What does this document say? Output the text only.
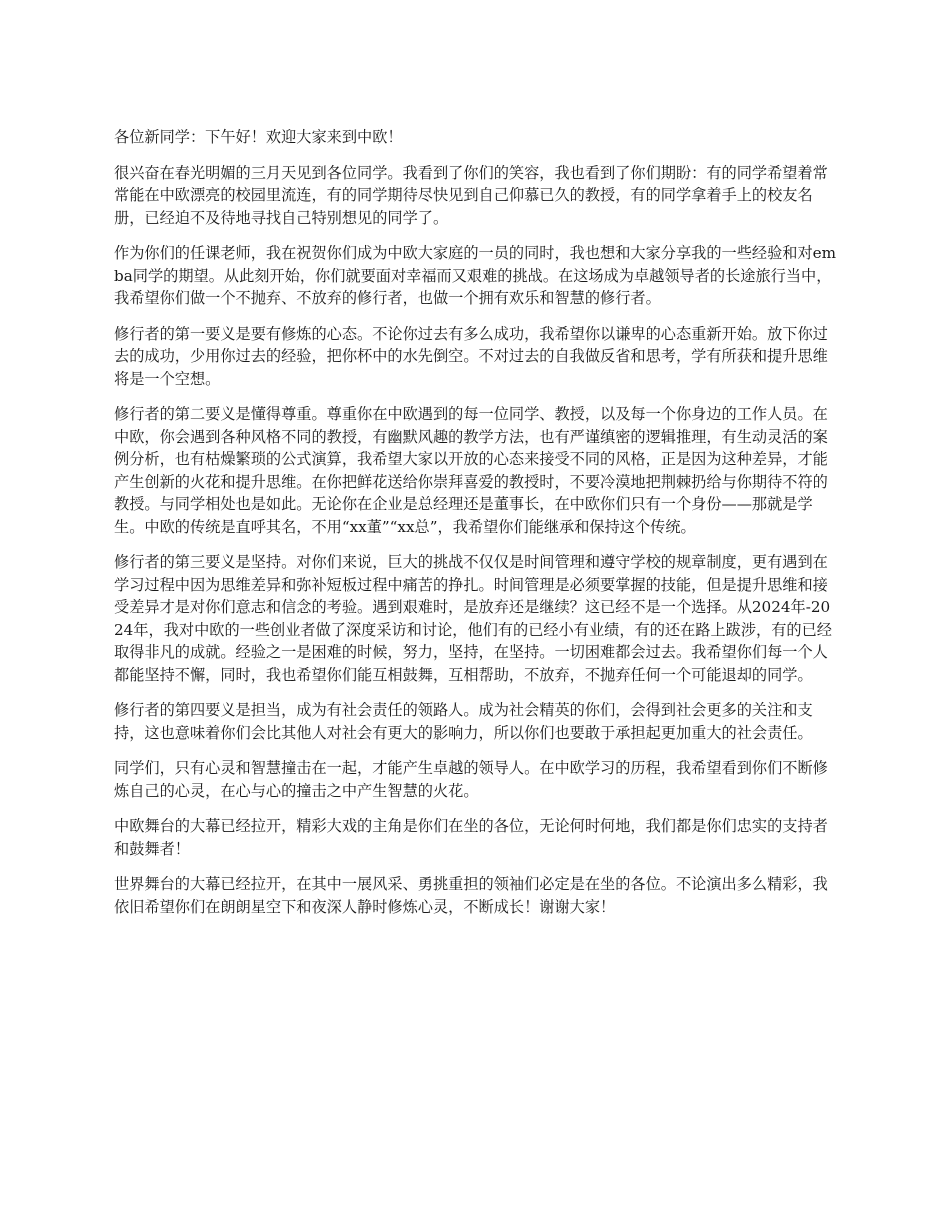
各位新同学：下午好！欢迎大家来到中欧！

很兴奋在春光明媚的三月天见到各位同学。我看到了你们的笑容，我也看到了你们期盼：有的同学希望着常常能在中欧漂亮的校园里流连，有的同学期待尽快见到自己仰慕已久的教授，有的同学拿着手上的校友名册，已经迫不及待地寻找自己特别想见的同学了。

作为你们的任课老师，我在祝贺你们成为中欧大家庭的一员的同时，我也想和大家分享我的一些经验和对emba同学的期望。从此刻开始，你们就要面对幸福而又艰难的挑战。在这场成为卓越领导者的长途旅行当中，我希望你们做一个不抛弃、不放弃的修行者，也做一个拥有欢乐和智慧的修行者。

修行者的第一要义是要有修炼的心态。不论你过去有多么成功，我希望你以谦卑的心态重新开始。放下你过去的成功，少用你过去的经验，把你杯中的水先倒空。不对过去的自我做反省和思考，学有所获和提升思维将是一个空想。

修行者的第二要义是懂得尊重。尊重你在中欧遇到的每一位同学、教授，以及每一个你身边的工作人员。在中欧，你会遇到各种风格不同的教授，有幽默风趣的教学方法，也有严谨缜密的逻辑推理，有生动灵活的案例分析，也有枯燥繁琐的公式演算，我希望大家以开放的心态来接受不同的风格，正是因为这种差异，才能产生创新的火花和提升思维。在你把鲜花送给你崇拜喜爱的教授时，不要冷漠地把荆棘扔给与你期待不符的教授。与同学相处也是如此。无论你在企业是总经理还是董事长，在中欧你们只有一个身份——那就是学生。中欧的传统是直呼其名，不用“xx董”“xx总”，我希望你们能继承和保持这个传统。

修行者的第三要义是坚持。对你们来说，巨大的挑战不仅仅是时间管理和遵守学校的规章制度，更有遇到在学习过程中因为思维差异和弥补短板过程中痛苦的挣扎。时间管理是必须要掌握的技能，但是提升思维和接受差异才是对你们意志和信念的考验。遇到艰难时，是放弃还是继续？这已经不是一个选择。从2024年-2024年，我对中欧的一些创业者做了深度采访和讨论，他们有的已经小有业绩，有的还在路上跋涉，有的已经取得非凡的成就。经验之一是困难的时候，努力，坚持，在坚持。一切困难都会过去。我希望你们每一个人都能坚持不懈，同时，我也希望你们能互相鼓舞，互相帮助，不放弃，不抛弃任何一个可能退却的同学。

修行者的第四要义是担当，成为有社会责任的领路人。成为社会精英的你们，会得到社会更多的关注和支持，这也意味着你们会比其他人对社会有更大的影响力，所以你们也要敢于承担起更加重大的社会责任。

同学们，只有心灵和智慧撞击在一起，才能产生卓越的领导人。在中欧学习的历程，我希望看到你们不断修炼自己的心灵，在心与心的撞击之中产生智慧的火花。

中欧舞台的大幕已经拉开，精彩大戏的主角是你们在坐的各位，无论何时何地，我们都是你们忠实的支持者和鼓舞者！

世界舞台的大幕已经拉开，在其中一展风采、勇挑重担的领袖们必定是在坐的各位。不论演出多么精彩，我依旧希望你们在朗朗星空下和夜深人静时修炼心灵，不断成长！谢谢大家！
